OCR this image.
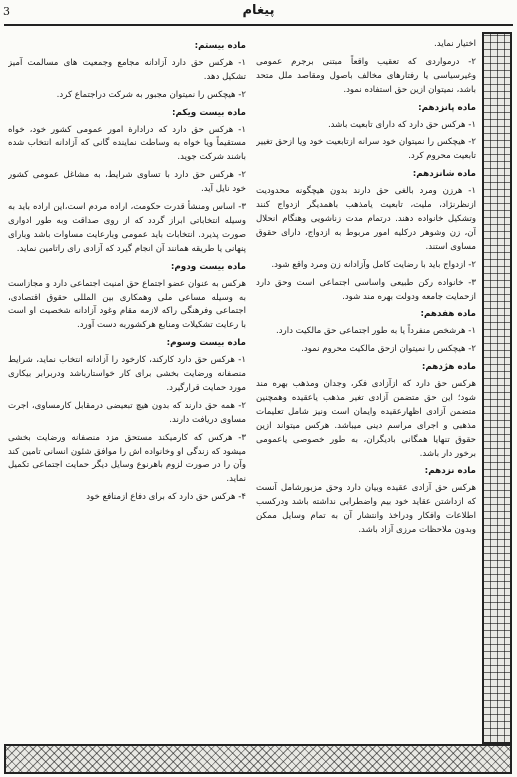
3	پیغام

اختیار نماید.

۲- درمواردی که تعقیب واقعاً مبتنی برجرم عمومی وغیرسیاسی یا رفتارهای مخالف باصول ومقاصد ملل متحد باشد، نمیتوان ازین حق استفاده نمود.

ماده پانزدهم:

۱- هرکس حق دارد که دارای تابعیت باشد.

۲- هیچکس را نمیتوان خود سرانه ازتابعیت خود ویا ازحق تغییر تابعیت محروم کرد.

ماده شانزدهم:

۱- هرزن ومرد بالغی حق دارند بدون هیچگونه محدودیت ازنظرنژاد، ملیت، تابعیت یامذهب باهمدیگر ازدواج کنند وتشکیل خانواده دهند. درتمام مدت زناشویی وهنگام انحلال آن، زن وشوهر درکلیه امور مربوط به ازدواج، دارای حقوق مساوی استند.

۲- ازدواج باید با رضایت کامل وآزادانه زن ومرد واقع شود.

۳- خانواده رکن طبیعی واساسی اجتماعی است وحق دارد ازحمایت جامعه ودولت بهره مند شود.

ماده هفدهم:

۱- هرشخص منفرداً یا به طور اجتماعی حق مالکیت دارد.

۲- هیچکس را نمیتوان ازحق مالکیت محروم نمود.

ماده هژدهم:

هرکس حق دارد که ازآزادی فکر، وجدان ومذهب بهره مند شود؛ این حق متضمن آزادی تغیر مذهب یاعقیده وهمچنین متضمن آزادی اظهارعقیده وایمان است ونیز شامل تعلیمات مذهبی و اجرای مراسم دینی میباشد. هرکس میتواند ازین حقوق تنهایا همگانی بادیگران، به طور خصوصی یاعمومی برخور دار باشد.

ماده نزدهم:

هرکس حق آزادی عقیده وبیان دارد وحق مزبورشامل آنست که ازداشتن عقاید خود بیم واضطرابی نداشته باشد ودرکسب اطلاعات وافکار ودراخذ وانتشار آن به تمام وسایل ممکن وبدون ملاحظات مرزی آزاد باشد.

ماده بیستم:

۱- هرکس حق دارد آزادانه مجامع وجمعیت های مسالمت آمیز تشکیل دهد.

۲- هیچکس را نمیتوان مجبور به شرکت دراجتماع کرد.

ماده بیست ویکم:

۱- هرکس حق دارد که درادارة امور عمومی کشور خود، خواه مستقیماً ویا خواه به وساطت نماینده گانی که آزادانه انتخاب شده باشند شرکت جوید.

۲- هرکس حق دارد با تساوی شرایط، به مشاغل عمومی کشور خود نایل آید.

۳- اساس ومنشأ قدرت حکومت، اراده مردم است،این اراده باید به وسیله انتخاباتی ابراز گردد که از روی صداقت وبه طور ادواری صورت پذیرد. انتخابات باید عمومی وبارعایت مساوات باشد وبارای پنهانی یا طریقه همانند آن انجام گیرد که آزادی رای راتامین نماید.

ماده بیست ودوم:

هرکس به عنوان عضو اجتماع حق امنیت اجتماعی دارد و مجازاست به وسیله مساعی ملی وهمکاری بین المللی حقوق اقتصادی، اجتماعی وفرهنگی راکه لازمه مقام وغود آزادانه شخصیت او است با رعایت تشکیلات ومنابع هرکشوربه دست آورد.

ماده بیست وسوم:

۱- هرکس حق دارد کارکند، کارخود را آزادانه انتخاب نماید، شرایط منصفانه ورضایت بخشی برای کار خواستارباشد ودربرابر بیکاری مورد حمایت قرارگیرد.

۲- همه حق دارند که بدون هیچ تبعیضی درمقابل کارمساوی، اجرت مساوی دریافت دارند.

۳- هرکس که کارمیکند مستحق مزد منصفانه ورضایت بخشی میشود که زندگی او وخانواده اش را موافق شئون انسانی تامین کند وآن را در صورت لزوم باهرنوع وسایل دیگر حمایت اجتماعی تکمیل نماید.

۴- هرکس حق دارد که برای دفاع ازمنافع خود
